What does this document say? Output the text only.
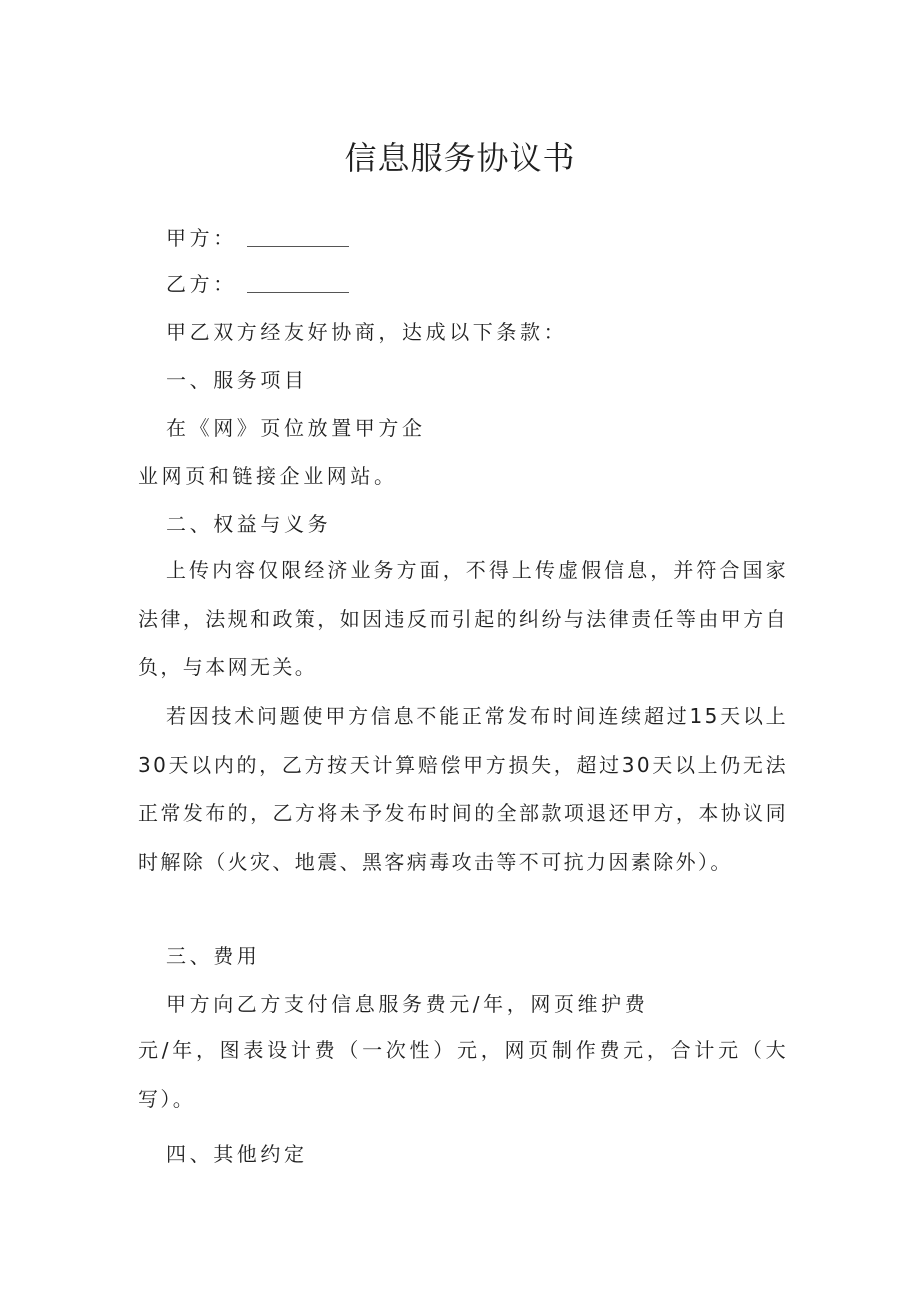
信息服务协议书
甲方：
乙方：
甲乙双方经友好协商，达成以下条款：
一、服务项目
在《网》页位放置甲方企
业网页和链接企业网站。
二、权益与义务
上传内容仅限经济业务方面，不得上传虚假信息，并符合国家法律，法规和政策，如因违反而引起的纠纷与法律责任等由甲方自负，与本网无关。
若因技术问题使甲方信息不能正常发布时间连续超过15天以上30天以内的，乙方按天计算赔偿甲方损失，超过30天以上仍无法正常发布的，乙方将未予发布时间的全部款项退还甲方，本协议同时解除（火灾、地震、黑客病毒攻击等不可抗力因素除外）。
三、费用
甲方向乙方支付信息服务费元/年，网页维护费
元/年，图表设计费（一次性）元，网页制作费元，合计元（大写）。
四、其他约定
